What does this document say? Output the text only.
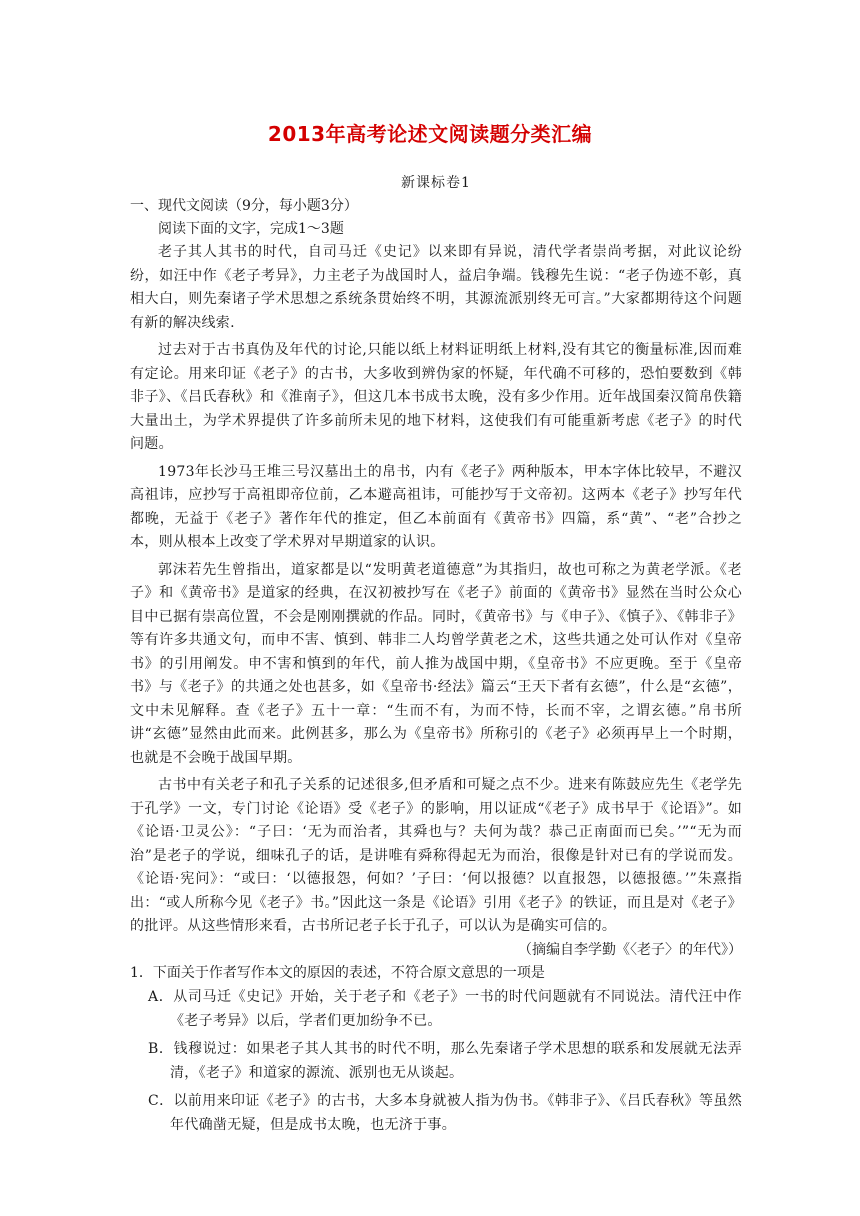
2013年高考论述文阅读题分类汇编
新课标卷1
一、现代文阅读（9分，每小题3分）
阅读下面的文字，完成1～3题

老子其人其书的时代，自司马迁《史记》以来即有异说，清代学者崇尚考据，对此议论纷纷，如汪中作《老子考异》，力主老子为战国时人，益启争端。钱穆先生说：“老子伪迹不彰，真相大白，则先秦诸子学术思想之系统条贯始终不明，其源流派别终无可言。”大家都期待这个问题有新的解决线索.

过去对于古书真伪及年代的讨论,只能以纸上材料证明纸上材料,没有其它的衡量标准,因而难有定论。用来印证《老子》的古书，大多收到辨伪家的怀疑，年代确不可移的，恐怕要数到《韩非子》、《吕氏春秋》和《淮南子》，但这几本书成书太晚，没有多少作用。近年战国秦汉简帛佚籍大量出土，为学术界提供了许多前所未见的地下材料，这使我们有可能重新考虑《老子》的时代问题。

1973年长沙马王堆三号汉墓出土的帛书，内有《老子》两种版本，甲本字体比较早，不避汉高祖讳，应抄写于高祖即帝位前，乙本避高祖讳，可能抄写于文帝初。这两本《老子》抄写年代都晚，无益于《老子》著作年代的推定，但乙本前面有《黄帝书》四篇，系“黄”、“老”合抄之本，则从根本上改变了学术界对早期道家的认识。

郭沫若先生曾指出，道家都是以“发明黄老道德意”为其指归，故也可称之为黄老学派。《老子》和《黄帝书》是道家的经典，在汉初被抄写在《老子》前面的《黄帝书》显然在当时公众心目中已据有崇高位置，不会是刚刚撰就的作品。同时，《黄帝书》与《申子》、《慎子》、《韩非子》等有许多共通文句，而申不害、慎到、韩非二人均曾学黄老之术，这些共通之处可认作对《皇帝书》的引用阐发。申不害和慎到的年代，前人推为战国中期，《皇帝书》不应更晚。至于《皇帝书》与《老子》的共通之处也甚多，如《皇帝书·经法》篇云“王天下者有玄德”，什么是“玄德”，文中未见解释。查《老子》五十一章：“生而不有，为而不恃，长而不宰，之谓玄德。”帛书所讲“玄德”显然由此而来。此例甚多，那么为《皇帝书》所称引的《老子》必须再早上一个时期，也就是不会晚于战国早期。

古书中有关老子和孔子关系的记述很多,但矛盾和可疑之点不少。进来有陈鼓应先生《老学先于孔学》一文，专门讨论《论语》受《老子》的影响，用以证成“《老子》成书早于《论语》”。如《论语·卫灵公》：“子曰：‘无为而治者，其舜也与？夫何为哉？恭己正南面而已矣。’”“无为而治”是老子的学说，细味孔子的话，是讲唯有舜称得起无为而治，很像是针对已有的学说而发。《论语·宪问》：“或曰：‘以德报怨，何如？’子曰：‘何以报德？以直报怨，以德报德。’”朱熹指出：“或人所称今见《老子》书。”因此这一条是《论语》引用《老子》的铁证，而且是对《老子》的批评。从这些情形来看，古书所记老子长于孔子，可以认为是确实可信的。

（摘编自李学勤《〈老子〉的年代》）

1．下面关于作者写作本文的原因的表述，不符合原文意思的一项是

A．从司马迁《史记》开始，关于老子和《老子》一书的时代问题就有不同说法。清代汪中作《老子考异》以后，学者们更加纷争不已。

B．钱穆说过：如果老子其人其书的时代不明，那么先秦诸子学术思想的联系和发展就无法弄清，《老子》和道家的源流、派别也无从谈起。

C．以前用来印证《老子》的古书，大多本身就被人指为伪书。《韩非子》、《吕氏春秋》等虽然年代确凿无疑，但是成书太晚，也无济于事。
